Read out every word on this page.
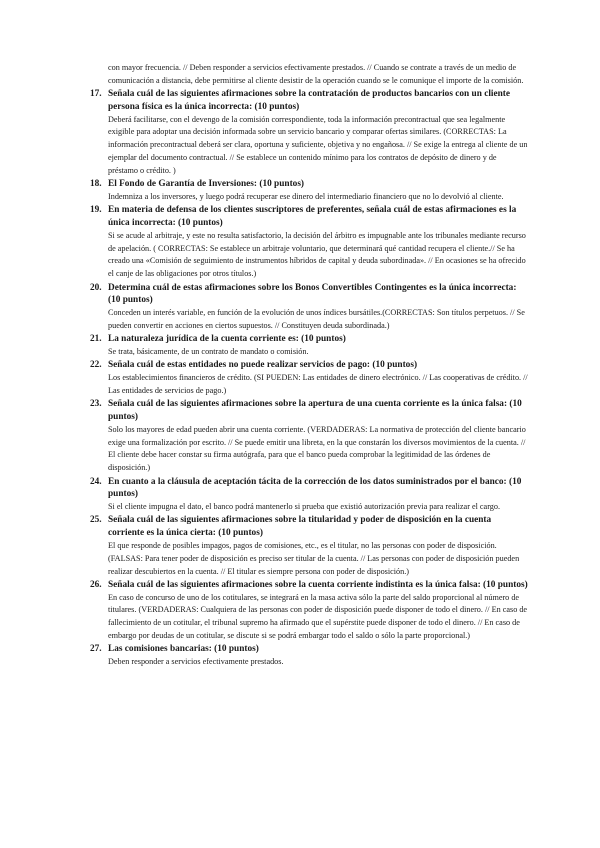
con mayor frecuencia. // Deben responder a servicios efectivamente prestados. // Cuando se contrate a través de un medio de comunicación a distancia, debe permitirse al cliente desistir de la operación cuando se le comunique el importe de la comisión.
17. Señala cuál de las siguientes afirmaciones sobre la contratación de productos bancarios con un cliente persona física es la única incorrecta: (10 puntos)
Deberá facilitarse, con el devengo de la comisión correspondiente, toda la información precontractual que sea legalmente exigible para adoptar una decisión informada sobre un servicio bancario y comparar ofertas similares. (CORRECTAS: La información precontractual deberá ser clara, oportuna y suficiente, objetiva y no engañosa. // Se exige la entrega al cliente de un ejemplar del documento contractual. // Se establece un contenido mínimo para los contratos de depósito de dinero y de préstamo o crédito. )
18. El Fondo de Garantía de Inversiones: (10 puntos)
Indemniza a los inversores, y luego podrá recuperar ese dinero del intermediario financiero que no lo devolvió al cliente.
19. En materia de defensa de los clientes suscriptores de preferentes, señala cuál de estas afirmaciones es la única incorrecta: (10 puntos)
Si se acude al arbitraje, y este no resulta satisfactorio, la decisión del árbitro es impugnable ante los tribunales mediante recurso de apelación. ( CORRECTAS: Se establece un arbitraje voluntario, que determinará qué cantidad recupera el cliente.// Se ha creado una «Comisión de seguimiento de instrumentos híbridos de capital y deuda subordinada». // En ocasiones se ha ofrecido el canje de las obligaciones por otros títulos.)
20. Determina cuál de estas afirmaciones sobre los Bonos Convertibles Contingentes es la única incorrecta: (10 puntos)
Conceden un interés variable, en función de la evolución de unos índices bursátiles.(CORRECTAS: Son títulos perpetuos. // Se pueden convertir en acciones en ciertos supuestos. // Constituyen deuda subordinada.)
21. La naturaleza jurídica de la cuenta corriente es: (10 puntos)
Se trata, básicamente, de un contrato de mandato o comisión.
22. Señala cuál de estas entidades no puede realizar servicios de pago: (10 puntos)
Los establecimientos financieros de crédito. (SI PUEDEN: Las entidades de dinero electrónico. // Las cooperativas de crédito. // Las entidades de servicios de pago.)
23. Señala cuál de las siguientes afirmaciones sobre la apertura de una cuenta corriente es la única falsa: (10 puntos)
Solo los mayores de edad pueden abrir una cuenta corriente. (VERDADERAS: La normativa de protección del cliente bancario exige una formalización por escrito. // Se puede emitir una libreta, en la que constarán los diversos movimientos de la cuenta. // El cliente debe hacer constar su firma autógrafa, para que el banco pueda comprobar la legitimidad de las órdenes de disposición.)
24. En cuanto a la cláusula de aceptación tácita de la corrección de los datos suministrados por el banco: (10 puntos)
Si el cliente impugna el dato, el banco podrá mantenerlo si prueba que existió autorización previa para realizar el cargo.
25. Señala cuál de las siguientes afirmaciones sobre la titularidad y poder de disposición en la cuenta corriente es la única cierta: (10 puntos)
El que responde de posibles impagos, pagos de comisiones, etc., es el titular, no las personas con poder de disposición. (FALSAS: Para tener poder de disposición es preciso ser titular de la cuenta. // Las personas con poder de disposición pueden realizar descubiertos en la cuenta. // El titular es siempre persona con poder de disposición.)
26. Señala cuál de las siguientes afirmaciones sobre la cuenta corriente indistinta es la única falsa: (10 puntos)
En caso de concurso de uno de los cotitulares, se integrará en la masa activa sólo la parte del saldo proporcional al número de titulares. (VERDADERAS: Cualquiera de las personas con poder de disposición puede disponer de todo el dinero. // En caso de fallecimiento de un cotitular, el tribunal supremo ha afirmado que el supérstite puede disponer de todo el dinero. // En caso de embargo por deudas de un cotitular, se discute si se podrá embargar todo el saldo o sólo la parte proporcional.)
27. Las comisiones bancarias: (10 puntos)
Deben responder a servicios efectivamente prestados.
